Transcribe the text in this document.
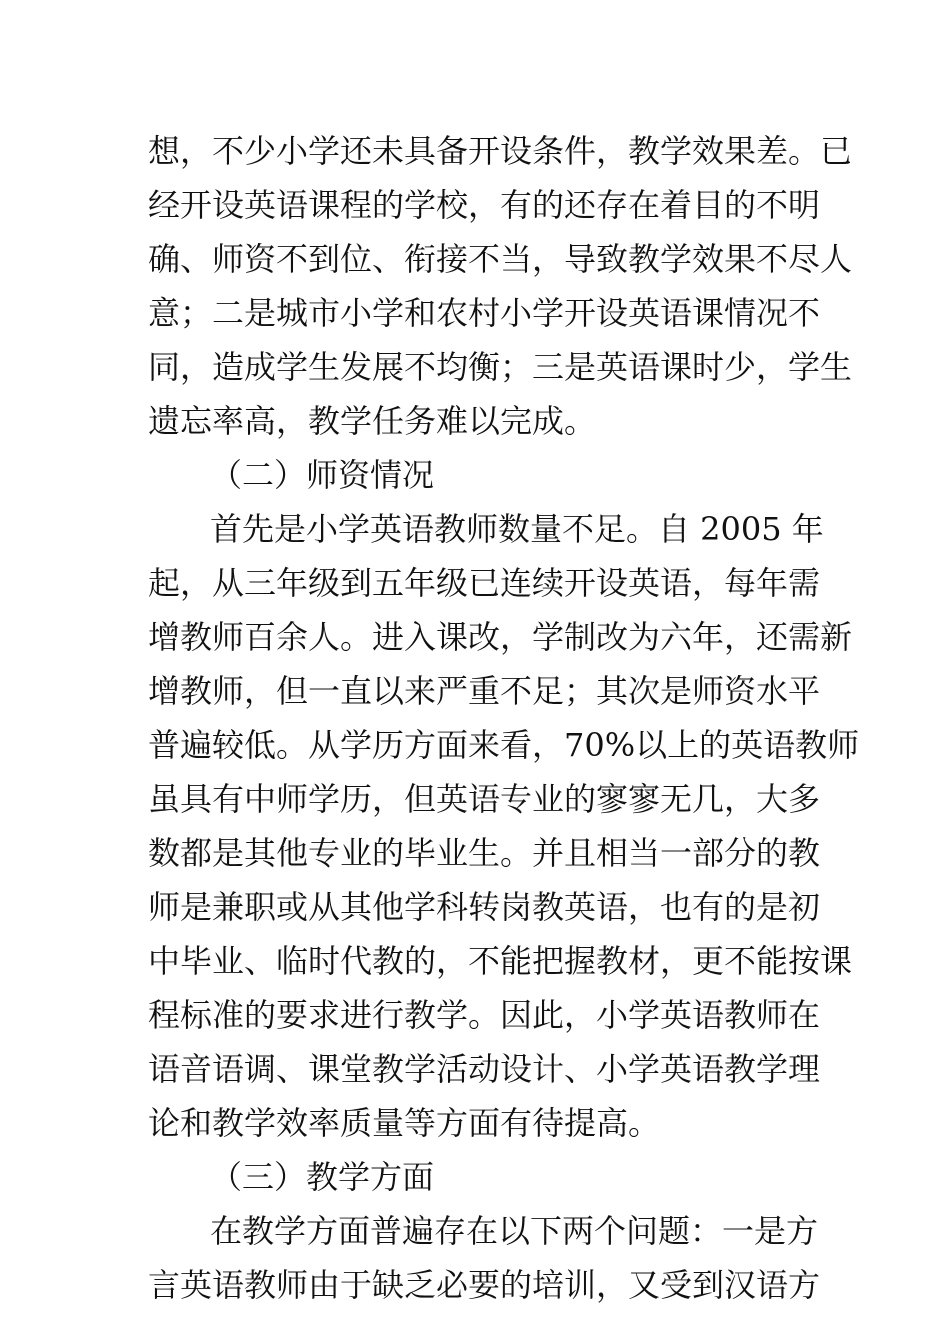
想，不少小学还未具备开设条件，教学效果差。已
经开设英语课程的学校，有的还存在着目的不明
确、师资不到位、衔接不当，导致教学效果不尽人
意；二是城市小学和农村小学开设英语课情况不
同，造成学生发展不均衡；三是英语课时少，学生
遗忘率高，教学任务难以完成。
（二）师资情况
首先是小学英语教师数量不足。自 2005 年
起，从三年级到五年级已连续开设英语，每年需
增教师百余人。进入课改，学制改为六年，还需新
增教师，但一直以来严重不足；其次是师资水平
普遍较低。从学历方面来看，70%以上的英语教师
虽具有中师学历，但英语专业的寥寥无几，大多
数都是其他专业的毕业生。并且相当一部分的教
师是兼职或从其他学科转岗教英语，也有的是初
中毕业、临时代教的，不能把握教材，更不能按课
程标准的要求进行教学。因此，小学英语教师在
语音语调、课堂教学活动设计、小学英语教学理
论和教学效率质量等方面有待提高。
（三）教学方面
在教学方面普遍存在以下两个问题：一是方
言英语教师由于缺乏必要的培训，又受到汉语方
